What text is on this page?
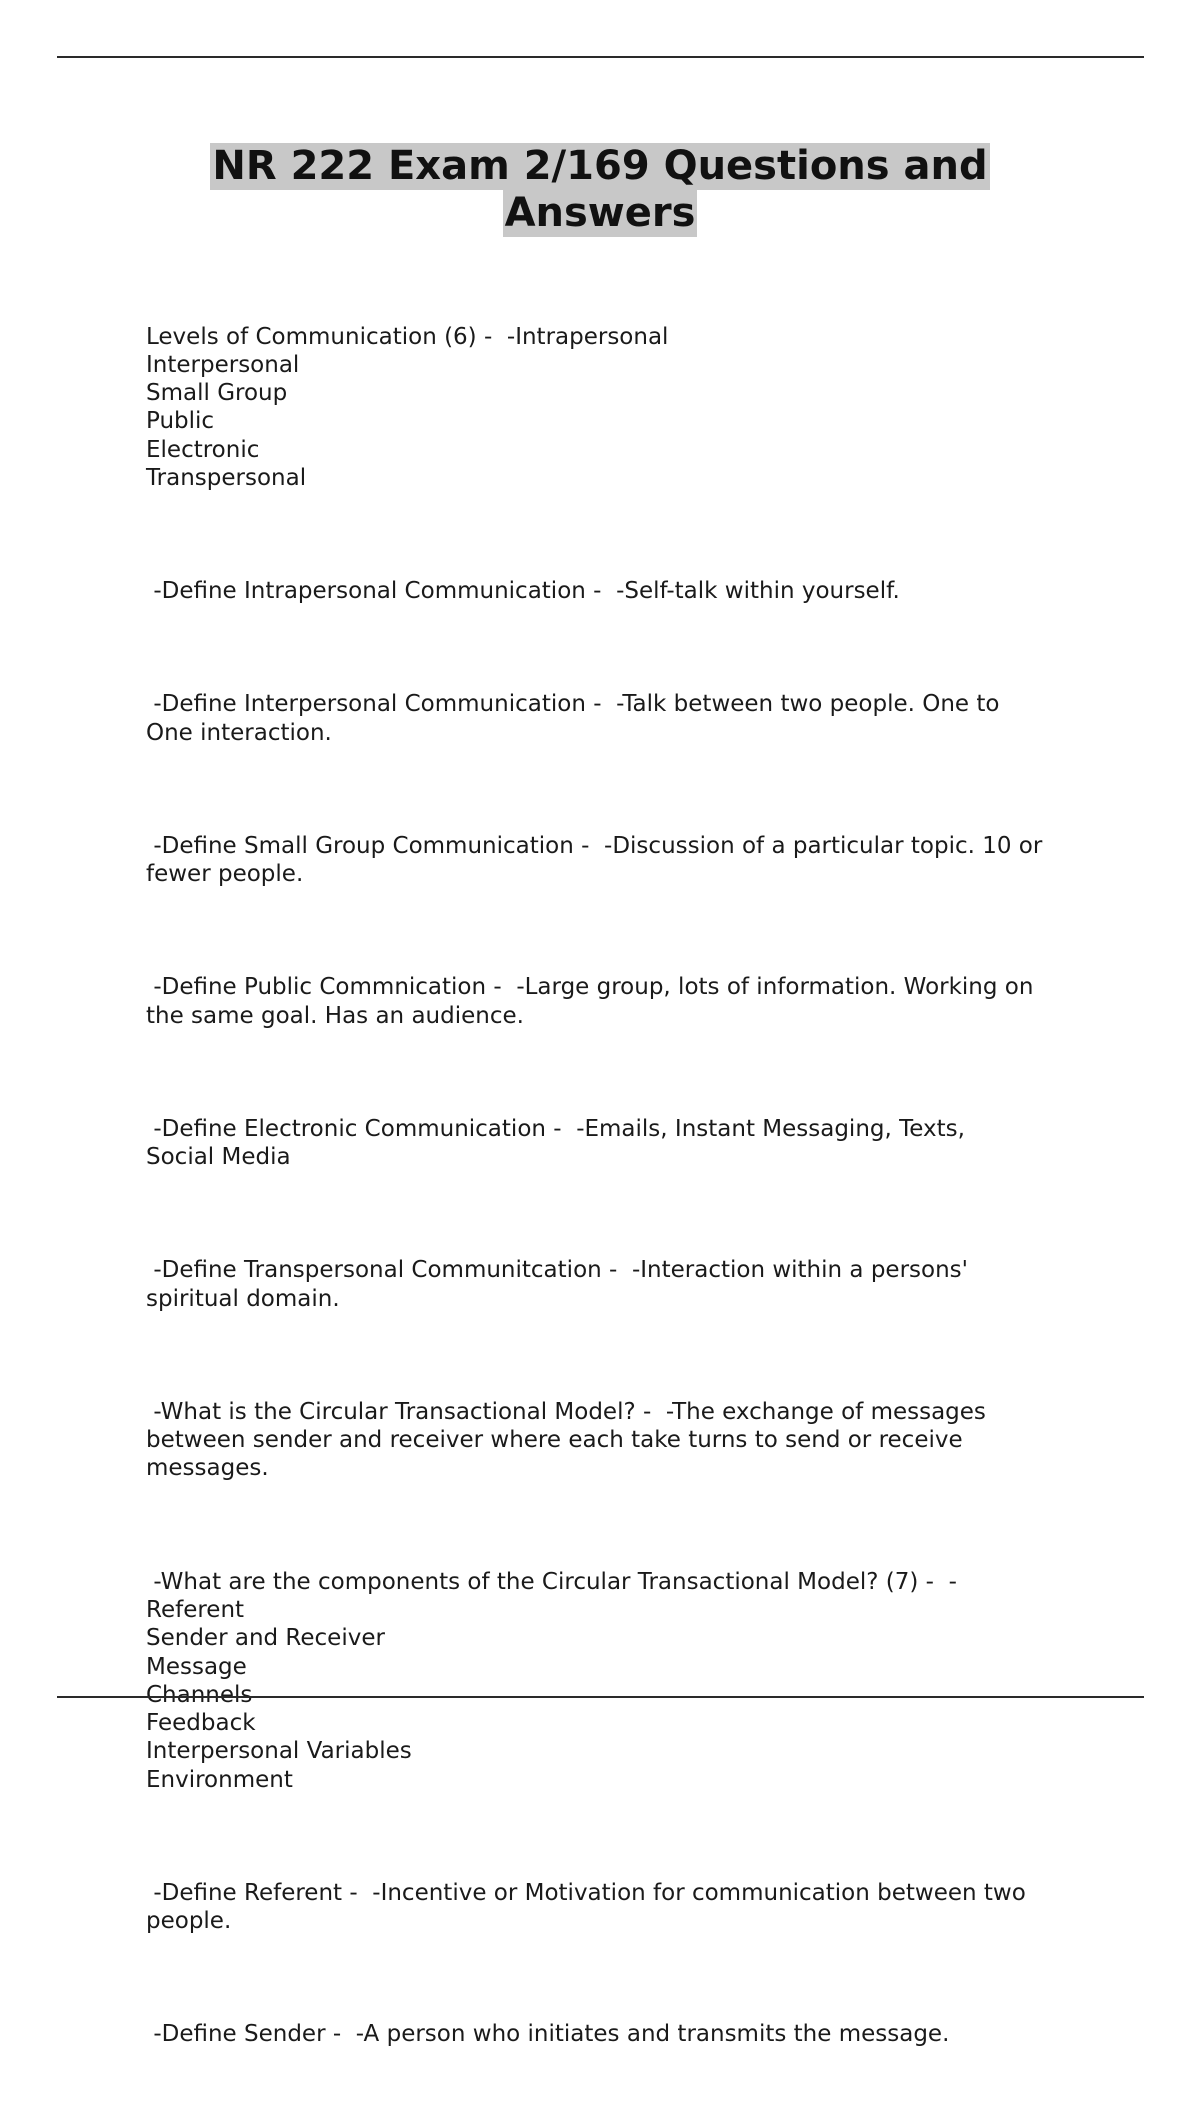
NR 222 Exam 2/169 Questions and
Answers

Levels of Communication (6) -  -Intrapersonal
Interpersonal
Small Group
Public
Electronic
Transpersonal

-Define Intrapersonal Communication -  -Self-talk within yourself.

-Define Interpersonal Communication -  -Talk between two people. One to
One interaction.

-Define Small Group Communication -  -Discussion of a particular topic. 10 or
fewer people.

-Define Public Commnication -  -Large group, lots of information. Working on
the same goal. Has an audience.

-Define Electronic Communication -  -Emails, Instant Messaging, Texts,
Social Media

-Define Transpersonal Communitcation -  -Interaction within a persons'
spiritual domain.

-What is the Circular Transactional Model? -  -The exchange of messages
between sender and receiver where each take turns to send or receive
messages.

-What are the components of the Circular Transactional Model? (7) -  -
Referent
Sender and Receiver
Message
Channels
Feedback
Interpersonal Variables
Environment

-Define Referent -  -Incentive or Motivation for communication between two
people.

-Define Sender -  -A person who initiates and transmits the message.
